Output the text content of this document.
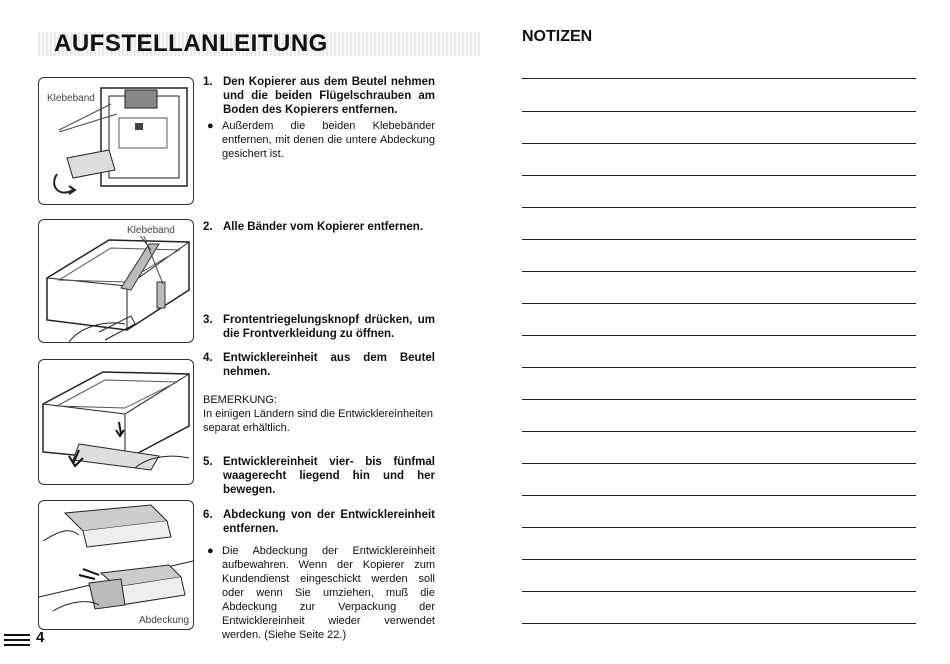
AUFSTELLANLEITUNG	NOTIZEN
Klebeband
Klebeband
Abdeckung
1. Den Kopierer aus dem Beutel nehmen und die beiden Flügelschrauben am Boden des Kopierers entfernen.
● Außerdem die beiden Klebebänder entfernen, mit denen die untere Abdeckung gesichert ist.
2. Alle Bänder vom Kopierer entfernen.
3. Frontentriegelungsknopf drücken, um die Frontverkleidung zu öffnen.
4. Entwicklereinheit aus dem Beutel nehmen.
BEMERKUNG:
In einigen Ländern sind die Entwicklereinheiten separat erhältlich.
5. Entwicklereinheit vier- bis fünfmal waagerecht liegend hin und her bewegen.
6. Abdeckung von der Entwicklereinheit entfernen.
● Die Abdeckung der Entwicklereinheit aufbewahren. Wenn der Kopierer zum Kundendienst eingeschickt werden soll oder wenn Sie umziehen, muß die Abdeckung zur Verpackung der Entwicklereinheit wieder verwendet werden. (Siehe Seite 22.)
4
